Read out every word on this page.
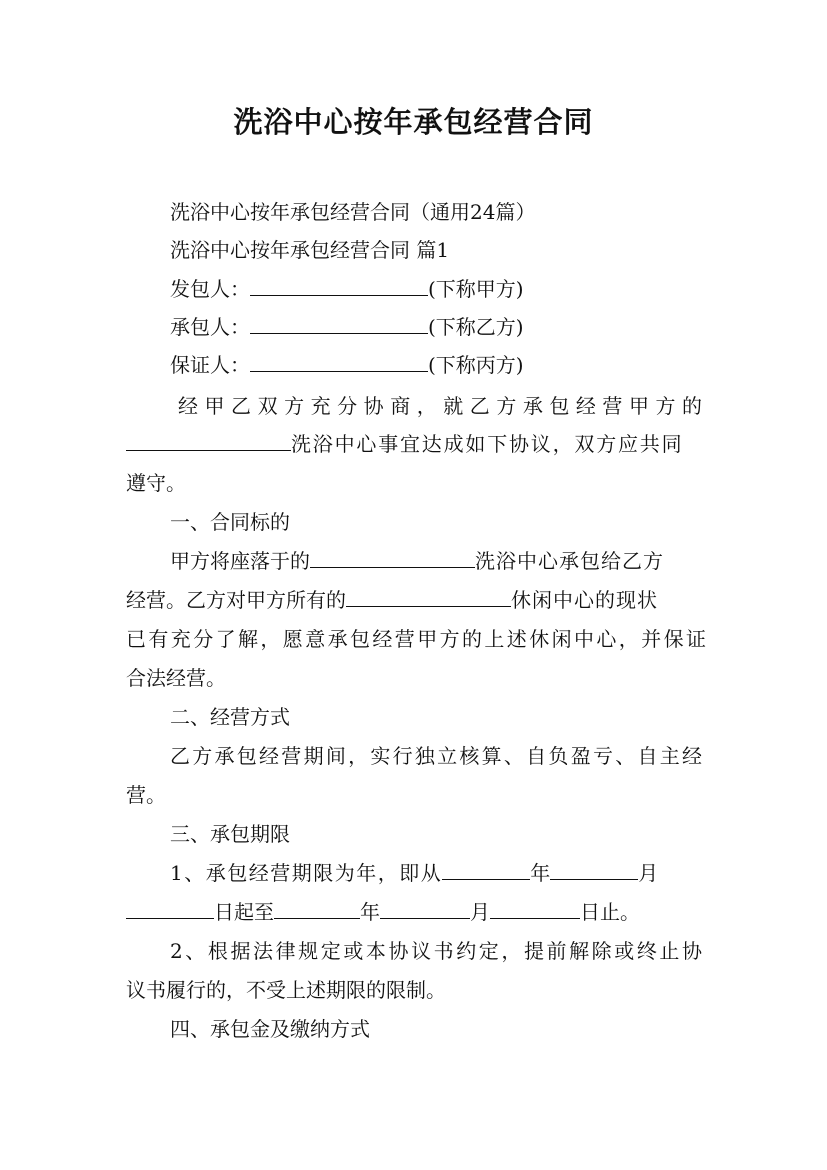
洗浴中心按年承包经营合同
洗浴中心按年承包经营合同（通用24篇）
洗浴中心按年承包经营合同 篇1
发包人：	(下称甲方)
承包人：	(下称乙方)
保证人：	(下称丙方)
经甲乙双方充分协商，就乙方承包经营甲方的
洗浴中心事宜达成如下协议，双方应共同
遵守。
一、合同标的
甲方将座落于的	洗浴中心承包给乙方
经营。乙方对甲方所有的	休闲中心的现状
已有充分了解，愿意承包经营甲方的上述休闲中心，并保证
合法经营。
二、经营方式
乙方承包经营期间，实行独立核算、自负盈亏、自主经
营。
三、承包期限
1、承包经营期限为年，即从	年	月
日起至	年	月	日止。
2、根据法律规定或本协议书约定，提前解除或终止协
议书履行的，不受上述期限的限制。
四、承包金及缴纳方式
